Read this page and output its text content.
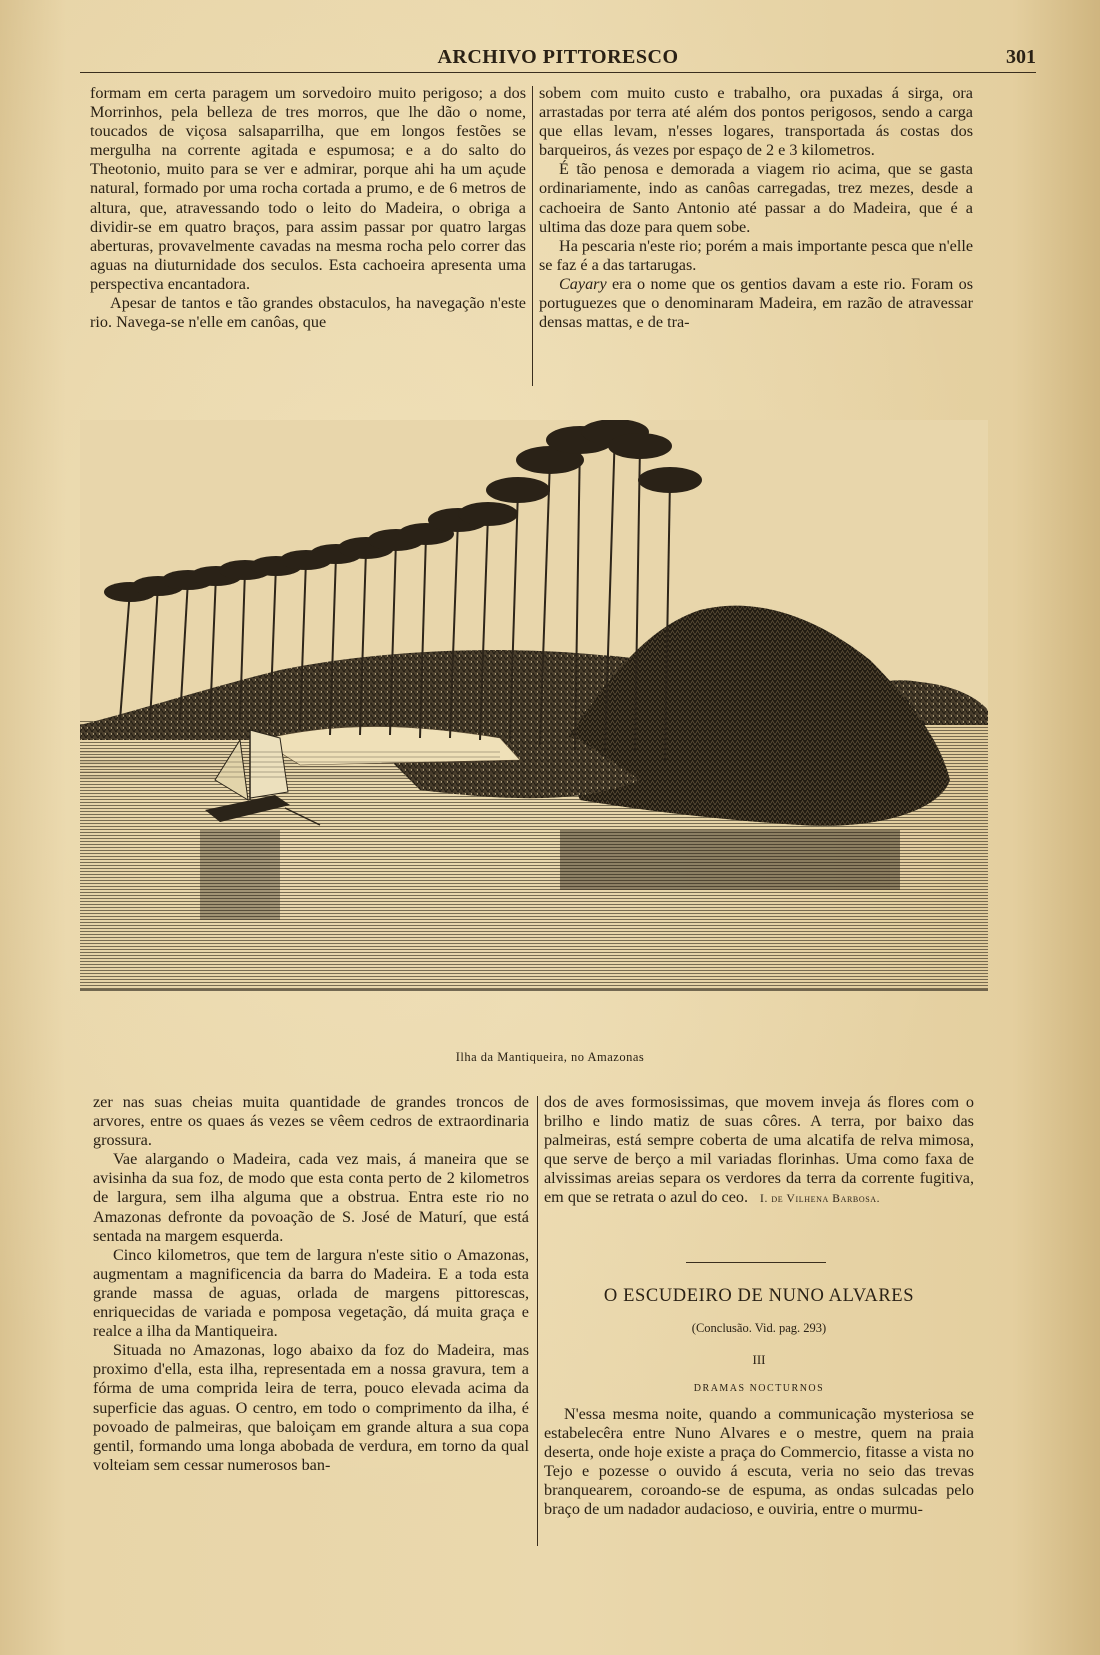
ARCHIVO PITTORESCO	301

formam em certa paragem um sorvedoiro muito perigoso; a dos Morrinhos, pela belleza de tres morros, que lhe dão o nome, toucados de viçosa salsaparrilha, que em longos festões se mergulha na corrente agitada e espumosa; e a do salto do Theotonio, muito para se ver e admirar, porque ahi ha um açude natural, formado por uma rocha cortada a prumo, e de 6 metros de altura, que, atravessando todo o leito do Madeira, o obriga a dividir-se em quatro braços, para assim passar por quatro largas aberturas, provavelmente cavadas na mesma rocha pelo correr das aguas na diuturnidade dos seculos. Esta cachoeira apresenta uma perspectiva encantadora.

Apesar de tantos e tão grandes obstaculos, ha navegação n'este rio. Navega-se n'elle em canôas, que

sobem com muito custo e trabalho, ora puxadas á sirga, ora arrastadas por terra até além dos pontos perigosos, sendo a carga que ellas levam, n'esses logares, transportada ás costas dos barqueiros, ás vezes por espaço de 2 e 3 kilometros.

É tão penosa e demorada a viagem rio acima, que se gasta ordinariamente, indo as canôas carregadas, trez mezes, desde a cachoeira de Santo Antonio até passar a do Madeira, que é a ultima das doze para quem sobe.

Ha pescaria n'este rio; porém a mais importante pesca que n'elle se faz é a das tartarugas.

Cayary era o nome que os gentios davam a este rio. Foram os portuguezes que o denominaram Madeira, em razão de atravessar densas mattas, e de tra-

Ilha da Mantiqueira, no Amazonas

zer nas suas cheias muita quantidade de grandes troncos de arvores, entre os quaes ás vezes se vêem cedros de extraordinaria grossura.

Vae alargando o Madeira, cada vez mais, á maneira que se avisinha da sua foz, de modo que esta conta perto de 2 kilometros de largura, sem ilha alguma que a obstrua. Entra este rio no Amazonas defronte da povoação de S. José de Maturí, que está sentada na margem esquerda.

Cinco kilometros, que tem de largura n'este sitio o Amazonas, augmentam a magnificencia da barra do Madeira. E a toda esta grande massa de aguas, orlada de margens pittorescas, enriquecidas de variada e pomposa vegetação, dá muita graça e realce a ilha da Mantiqueira.

Situada no Amazonas, logo abaixo da foz do Madeira, mas proximo d'ella, esta ilha, representada em a nossa gravura, tem a fórma de uma comprida leira de terra, pouco elevada acima da superficie das aguas. O centro, em todo o comprimento da ilha, é povoado de palmeiras, que baloiçam em grande altura a sua copa gentil, formando uma longa abobada de verdura, em torno da qual volteiam sem cessar numerosos ban-

dos de aves formosissimas, que movem inveja ás flores com o brilho e lindo matiz de suas côres. A terra, por baixo das palmeiras, está sempre coberta de uma alcatifa de relva mimosa, que serve de berço a mil variadas florinhas. Uma como faxa de alvissimas areias separa os verdores da terra da corrente fugitiva, em que se retrata o azul do ceo. I. de Vilhena Barbosa.

O ESCUDEIRO DE NUNO ALVARES
(Conclusão. Vid. pag. 293)
III
DRAMAS NOCTURNOS

N'essa mesma noite, quando a communicação mysteriosa se estabelecêra entre Nuno Alvares e o mestre, quem na praia deserta, onde hoje existe a praça do Commercio, fitasse a vista no Tejo e pozesse o ouvido á escuta, veria no seio das trevas branquearem, coroando-se de espuma, as ondas sulcadas pelo braço de um nadador audacioso, e ouviria, entre o murmu-
